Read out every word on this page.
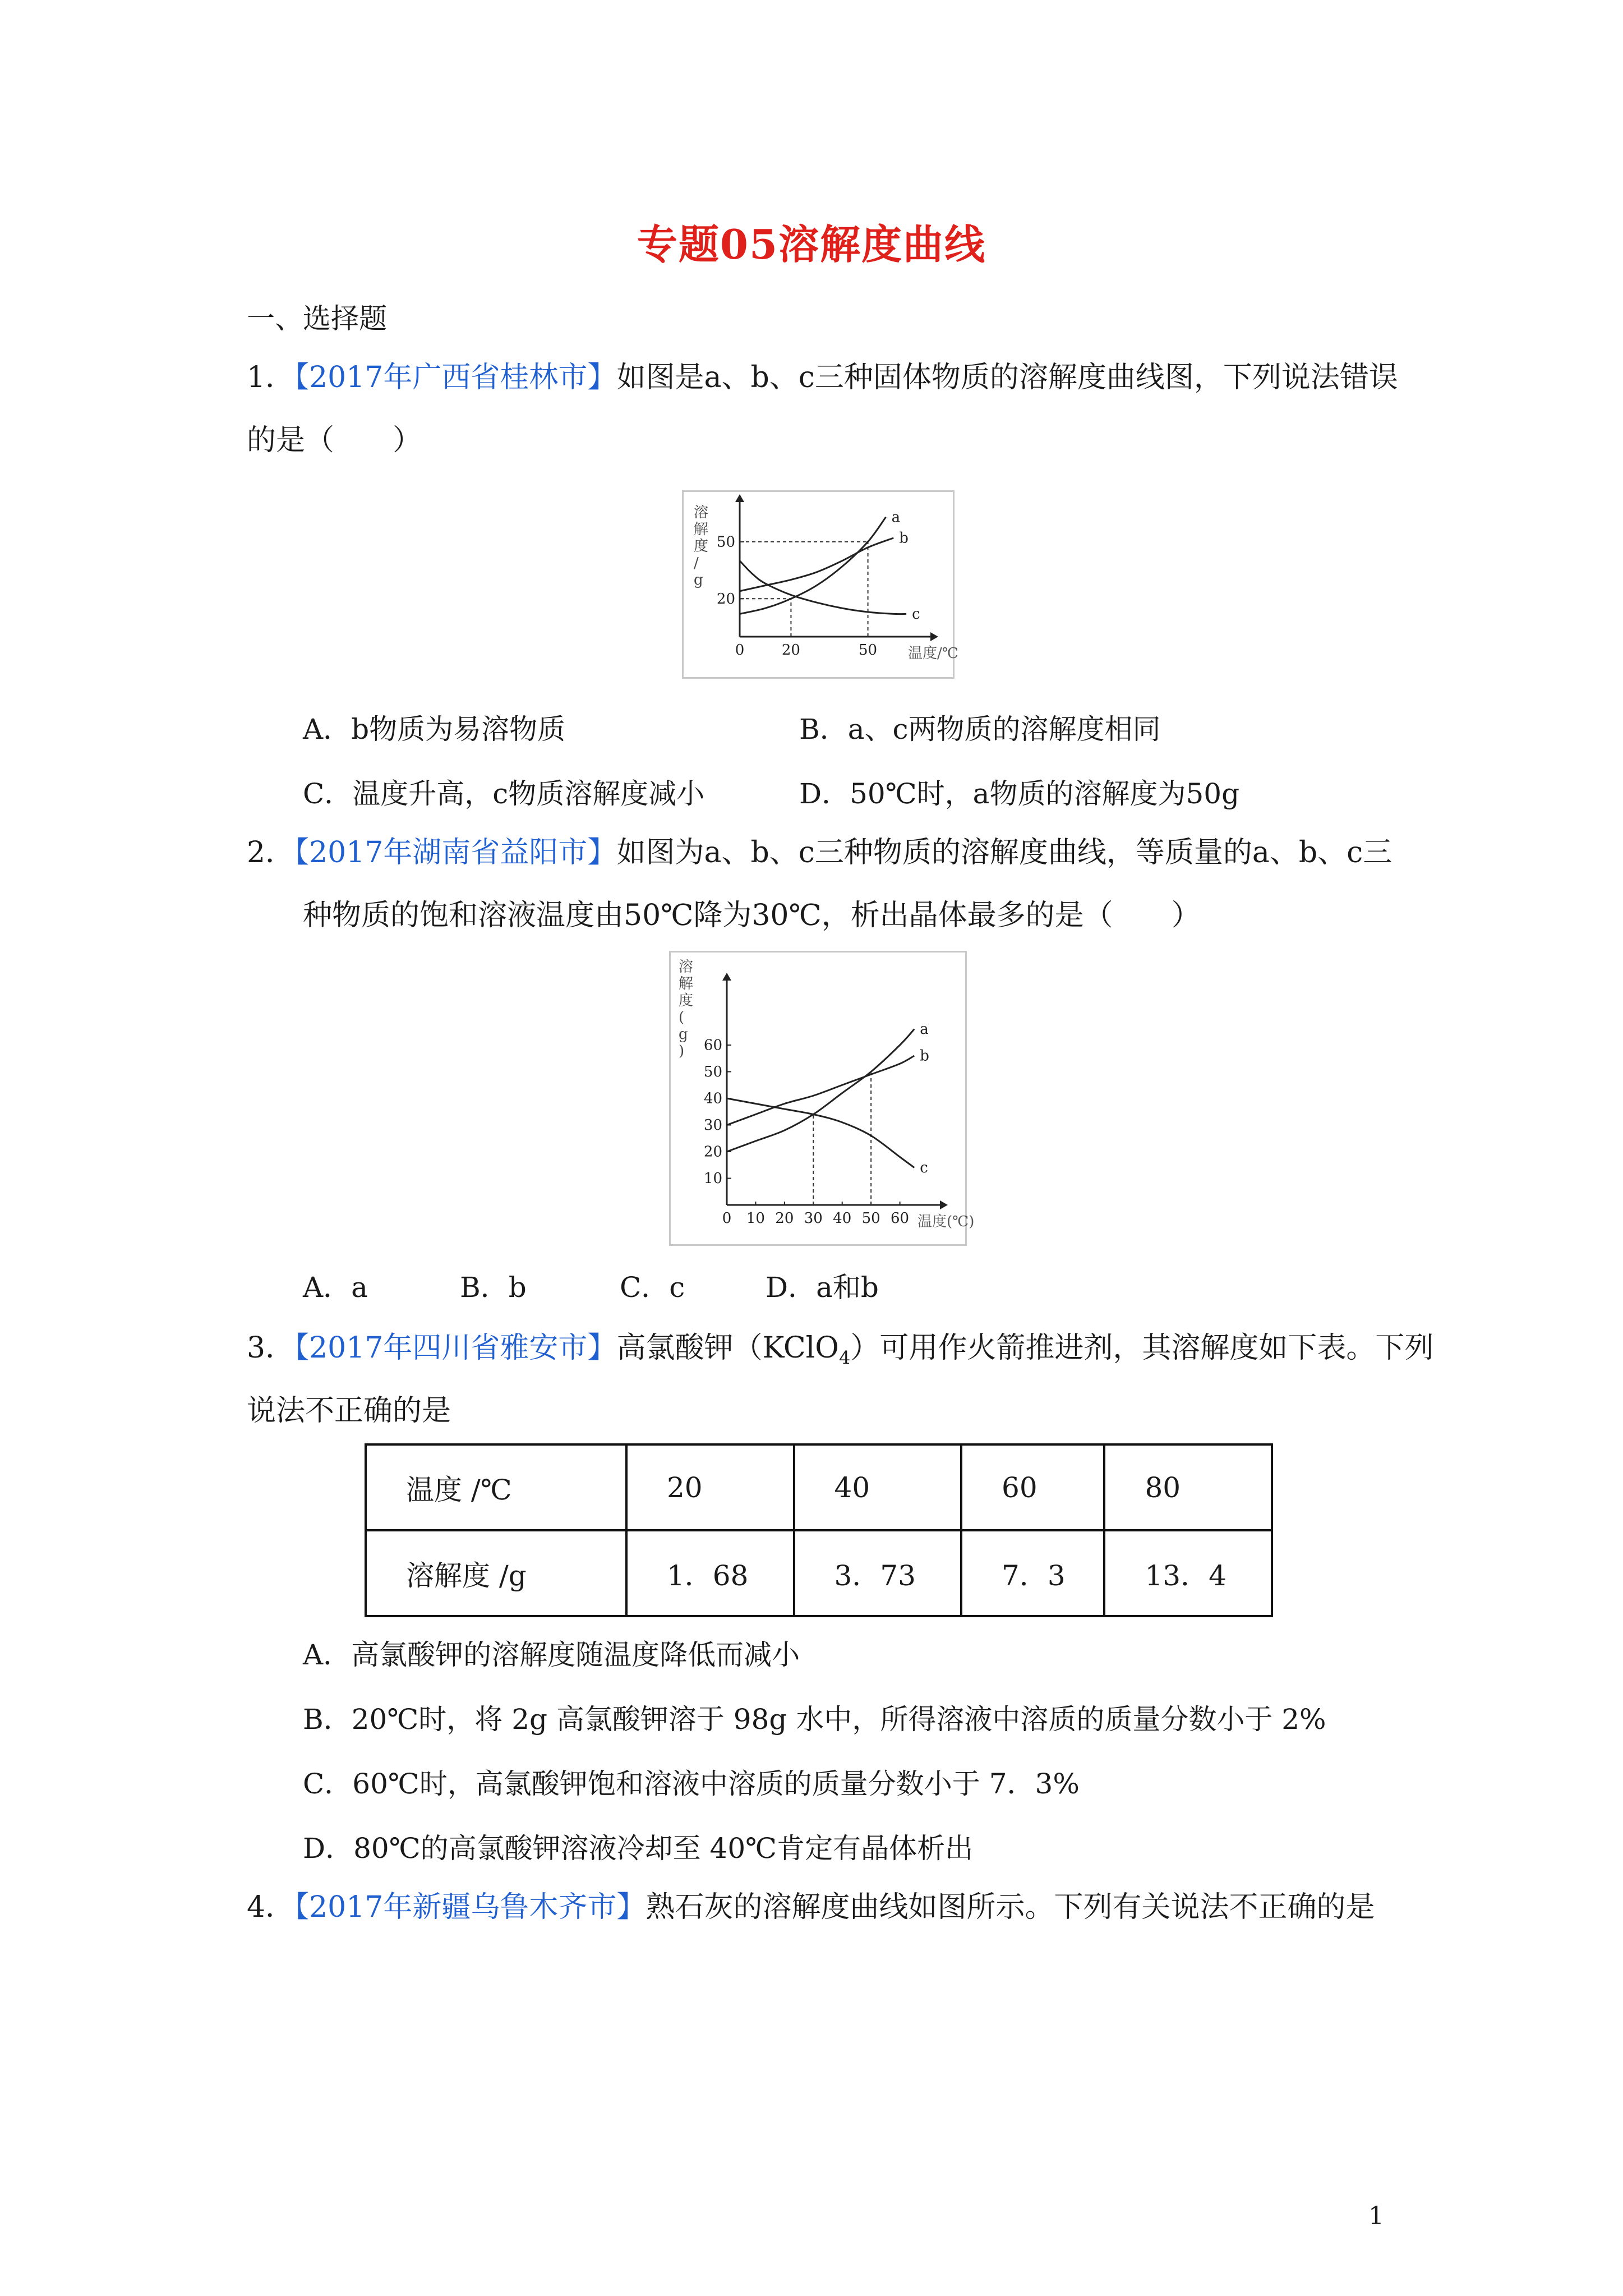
专题05溶解度曲线
一、选择题
1．【2017年广西省桂林市】如图是a、b、c三种固体物质的溶解度曲线图，下列说法错误
的是（　　）
0	20	50
20
50
a
b
c
温度/℃
溶解度/ g
A．b物质为易溶物质	B．a、c两物质的溶解度相同
C．温度升高，c物质溶解度减小	D．50℃时，a物质的溶解度为50g
2．【2017年湖南省益阳市】如图为a、b、c三种物质的溶解度曲线，等质量的a、b、c三
种物质的饱和溶液温度由50℃降为30℃，析出晶体最多的是（　　）
0 10 20 30 40 50 60
10
20
30
40
50
60
a
b
c
温度(℃)
溶解度( g )
A．a	B．b	C．c	D．a和b
3．【2017年四川省雅安市】高氯酸钾（KClO$_4$）可用作火箭推进剂，其溶解度如下表。下列
说法不正确的是
温度 /℃	20	40	60	80
溶解度 /g	1．68	3．73	7．3	13．4
A．高氯酸钾的溶解度随温度降低而减小
B．20℃时，将 2g 高氯酸钾溶于 98g 水中，所得溶液中溶质的质量分数小于 2%
C．60℃时，高氯酸钾饱和溶液中溶质的质量分数小于 7．3%
D．80℃的高氯酸钾溶液冷却至 40℃肯定有晶体析出
4．【2017年新疆乌鲁木齐市】熟石灰的溶解度曲线如图所示。下列有关说法不正确的是
1
